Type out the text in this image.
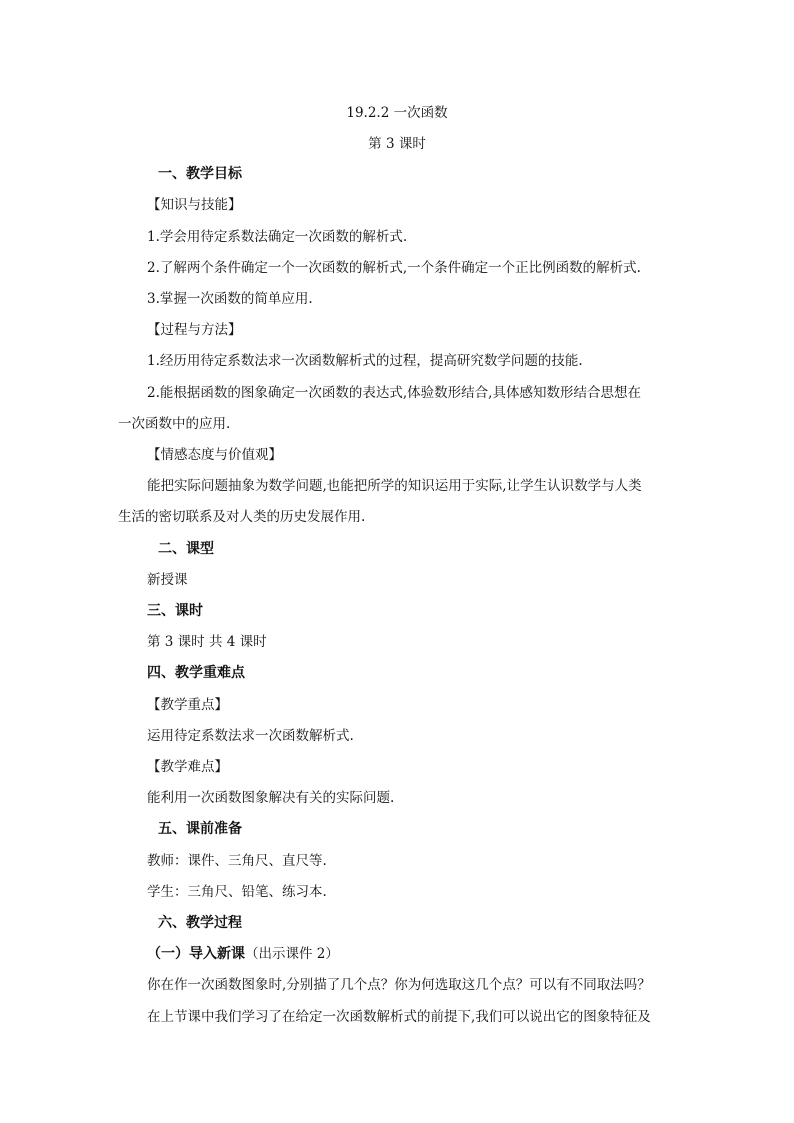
19.2.2 一次函数
第 3 课时
一、教学目标
【知识与技能】
1.学会用待定系数法确定一次函数的解析式.
2.了解两个条件确定一个一次函数的解析式,一个条件确定一个正比例函数的解析式.
3.掌握一次函数的简单应用.
【过程与方法】
1.经历用待定系数法求一次函数解析式的过程，提高研究数学问题的技能.
2.能根据函数的图象确定一次函数的表达式,体验数形结合,具体感知数形结合思想在
一次函数中的应用.
【情感态度与价值观】
能把实际问题抽象为数学问题,也能把所学的知识运用于实际,让学生认识数学与人类
生活的密切联系及对人类的历史发展作用.
二、课型
新授课
三、课时
第 3 课时 共 4 课时
四、教学重难点
【教学重点】
运用待定系数法求一次函数解析式.
【教学难点】
能利用一次函数图象解决有关的实际问题.
五、课前准备
教师：课件、三角尺、直尺等.
学生：三角尺、铅笔、练习本.
六、教学过程
（一）导入新课（出示课件 2）
你在作一次函数图象时,分别描了几个点？你为何选取这几个点？可以有不同取法吗？
在上节课中我们学习了在给定一次函数解析式的前提下,我们可以说出它的图象特征及
